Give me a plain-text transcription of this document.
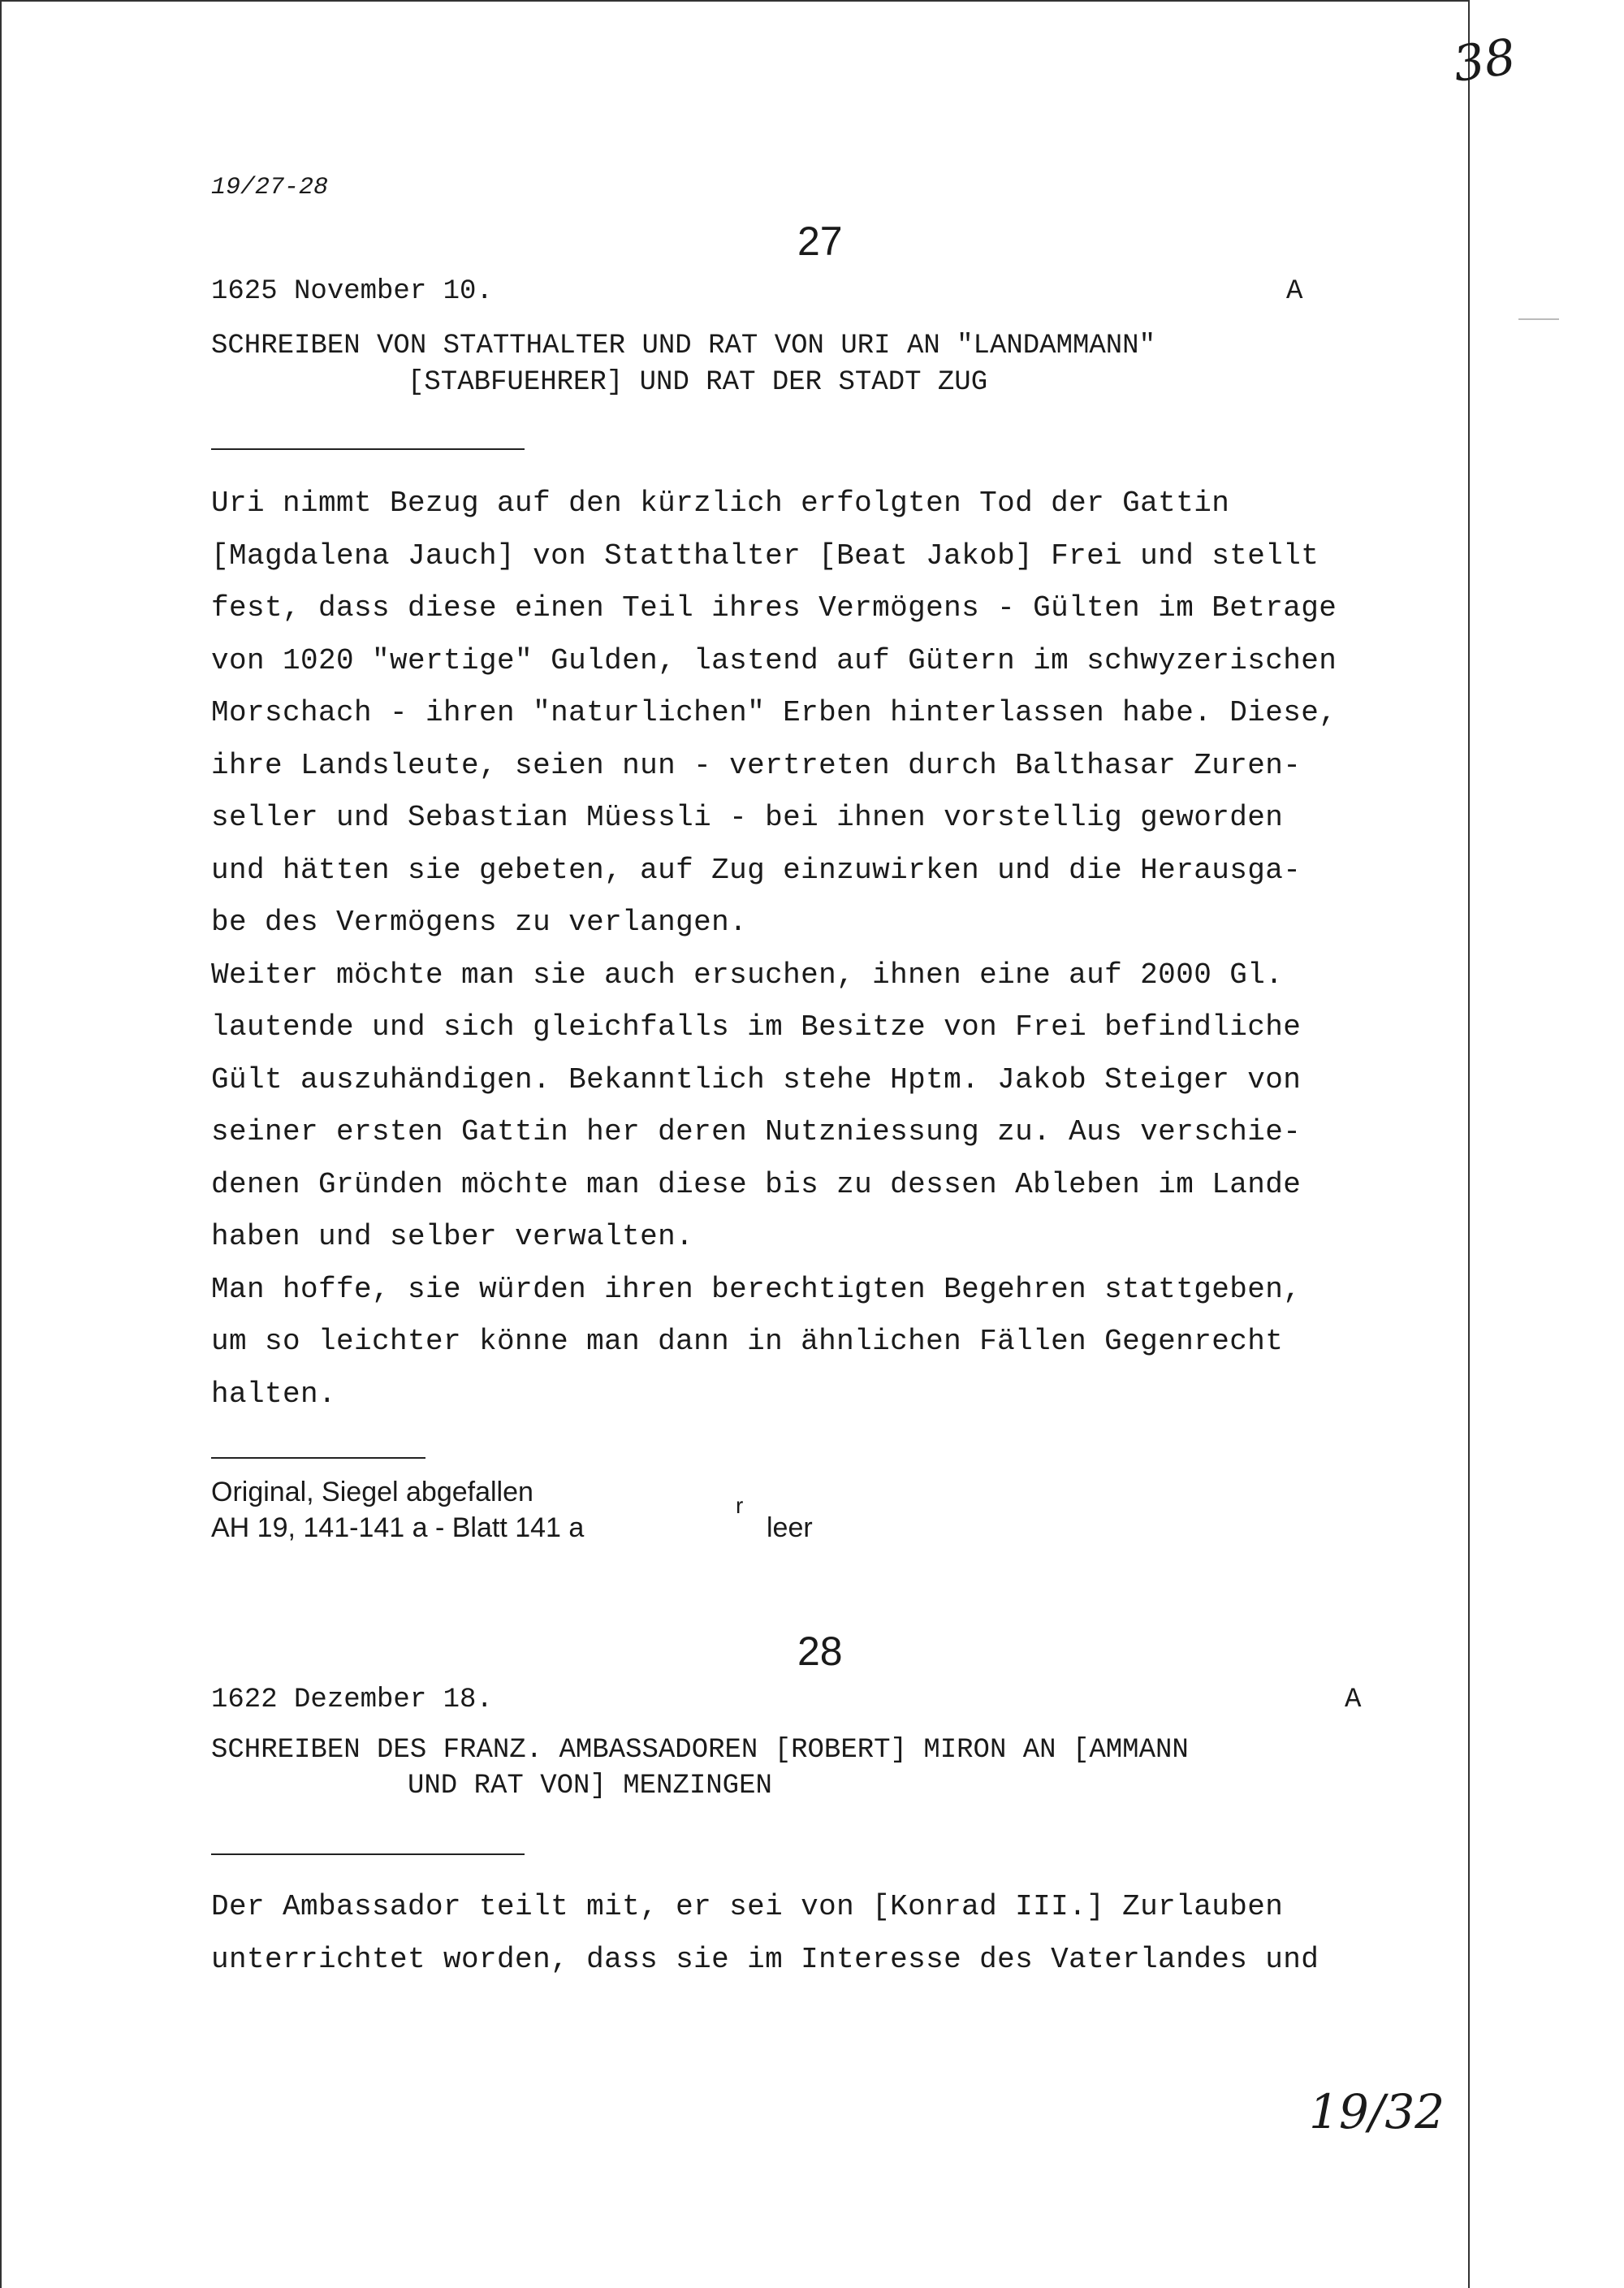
38
19/27-28
27
1625 November 10.	A
SCHREIBEN VON STATTHALTER UND RAT VON URI AN "LANDAMMANN"
[STABFUEHRER] UND RAT DER STADT ZUG
Uri nimmt Bezug auf den kürzlich erfolgten Tod der Gattin
[Magdalena Jauch] von Statthalter [Beat Jakob] Frei und stellt
fest, dass diese einen Teil ihres Vermögens - Gülten im Betrage
von 1020 "wertige" Gulden, lastend auf Gütern im schwyzerischen
Morschach - ihren "naturlichen" Erben hinterlassen habe. Diese,
ihre Landsleute, seien nun - vertreten durch Balthasar Zuren-
seller und Sebastian Müessli - bei ihnen vorstellig geworden
und hätten sie gebeten, auf Zug einzuwirken und die Herausga-
be des Vermögens zu verlangen.
Weiter möchte man sie auch ersuchen, ihnen eine auf 2000 Gl.
lautende und sich gleichfalls im Besitze von Frei befindliche
Gült auszuhändigen. Bekanntlich stehe Hptm. Jakob Steiger von
seiner ersten Gattin her deren Nutzniessung zu. Aus verschie-
denen Gründen möchte man diese bis zu dessen Ableben im Lande
haben und selber verwalten.
Man hoffe, sie würden ihren berechtigten Begehren stattgeben,
um so leichter könne man dann in ähnlichen Fällen Gegenrecht
halten.
Original, Siegel abgefallen
AH 19, 141-141 a - Blatt 141 a
r
leer
28
1622 Dezember 18.	A
SCHREIBEN DES FRANZ. AMBASSADOREN [ROBERT] MIRON AN [AMMANN
UND RAT VON] MENZINGEN
Der Ambassador teilt mit, er sei von [Konrad III.] Zurlauben
unterrichtet worden, dass sie im Interesse des Vaterlandes und
19/32
